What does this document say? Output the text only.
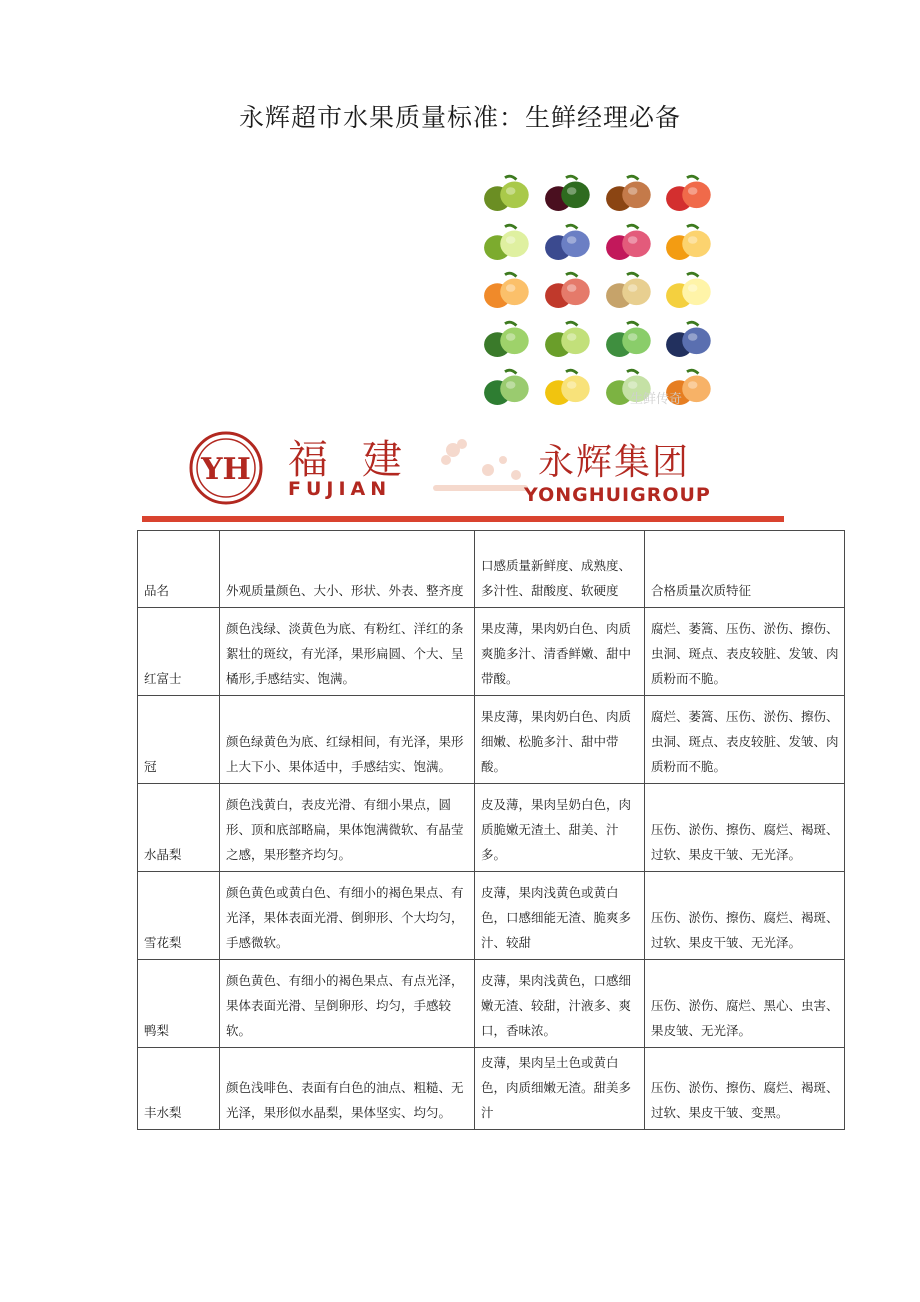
永辉超市水果质量标准：生鲜经理必备
生鲜传奇
YH 福建
FUJIAN
永辉集团
YONGHUIGROUP
品名	外观质量颜色、大小、形状、外表、整齐度	口感质量新鲜度、成熟度、多汁性、甜酸度、软硬度	合格质量次质特征
红富士	颜色浅绿、淡黄色为底、有粉红、洋红的条絮壮的斑纹，有光泽，果形扁圆、个大、呈橘形,手感结实、饱满。	果皮薄，果肉奶白色、肉质爽脆多汁、清香鲜嫩、甜中带酸。	腐烂、萎篙、压伤、淤伤、擦伤、虫洞、斑点、表皮较脏、发皱、肉质粉而不脆。
冠	颜色绿黄色为底、红绿相间，有光泽，果形上大下小、果体适中，手感结实、饱满。	果皮薄，果肉奶白色、肉质细嫩、松脆多汁、甜中带酸。	腐烂、萎篙、压伤、淤伤、擦伤、虫洞、斑点、表皮较脏、发皱、肉质粉而不脆。
水晶梨	颜色浅黄白，表皮光滑、有细小果点，圆形、顶和底部略扁，果体饱满微软、有晶莹之感，果形整齐均匀。	皮及薄，果肉呈奶白色，肉质脆嫩无渣土、甜美、汁多。	压伤、淤伤、擦伤、腐烂、褐斑、过软、果皮干皱、无光泽。
雪花梨	颜色黄色或黄白色、有细小的褐色果点、有光泽，果体表面光滑、倒卵形、个大均匀，手感微软。	皮薄，果肉浅黄色或黄白色，口感细能无渣、脆爽多汁、较甜	压伤、淤伤、擦伤、腐烂、褐斑、过软、果皮干皱、无光泽。
鸭梨	颜色黄色、有细小的褐色果点、有点光泽，果体表面光滑、呈倒卵形、均匀，手感较软。	皮薄，果肉浅黄色，口感细嫩无渣、较甜，汁液多、爽口，香味浓。	压伤、淤伤、腐烂、黑心、虫害、果皮皱、无光泽。
丰水梨	颜色浅啡色、表面有白色的油点、粗糙、无光泽，果形似水晶梨，果体坚实、均匀。	皮薄，果肉呈土色或黄白色，肉质细嫩无渣。甜美多汁	压伤、淤伤、擦伤、腐烂、褐斑、过软、果皮干皱、变黑。
